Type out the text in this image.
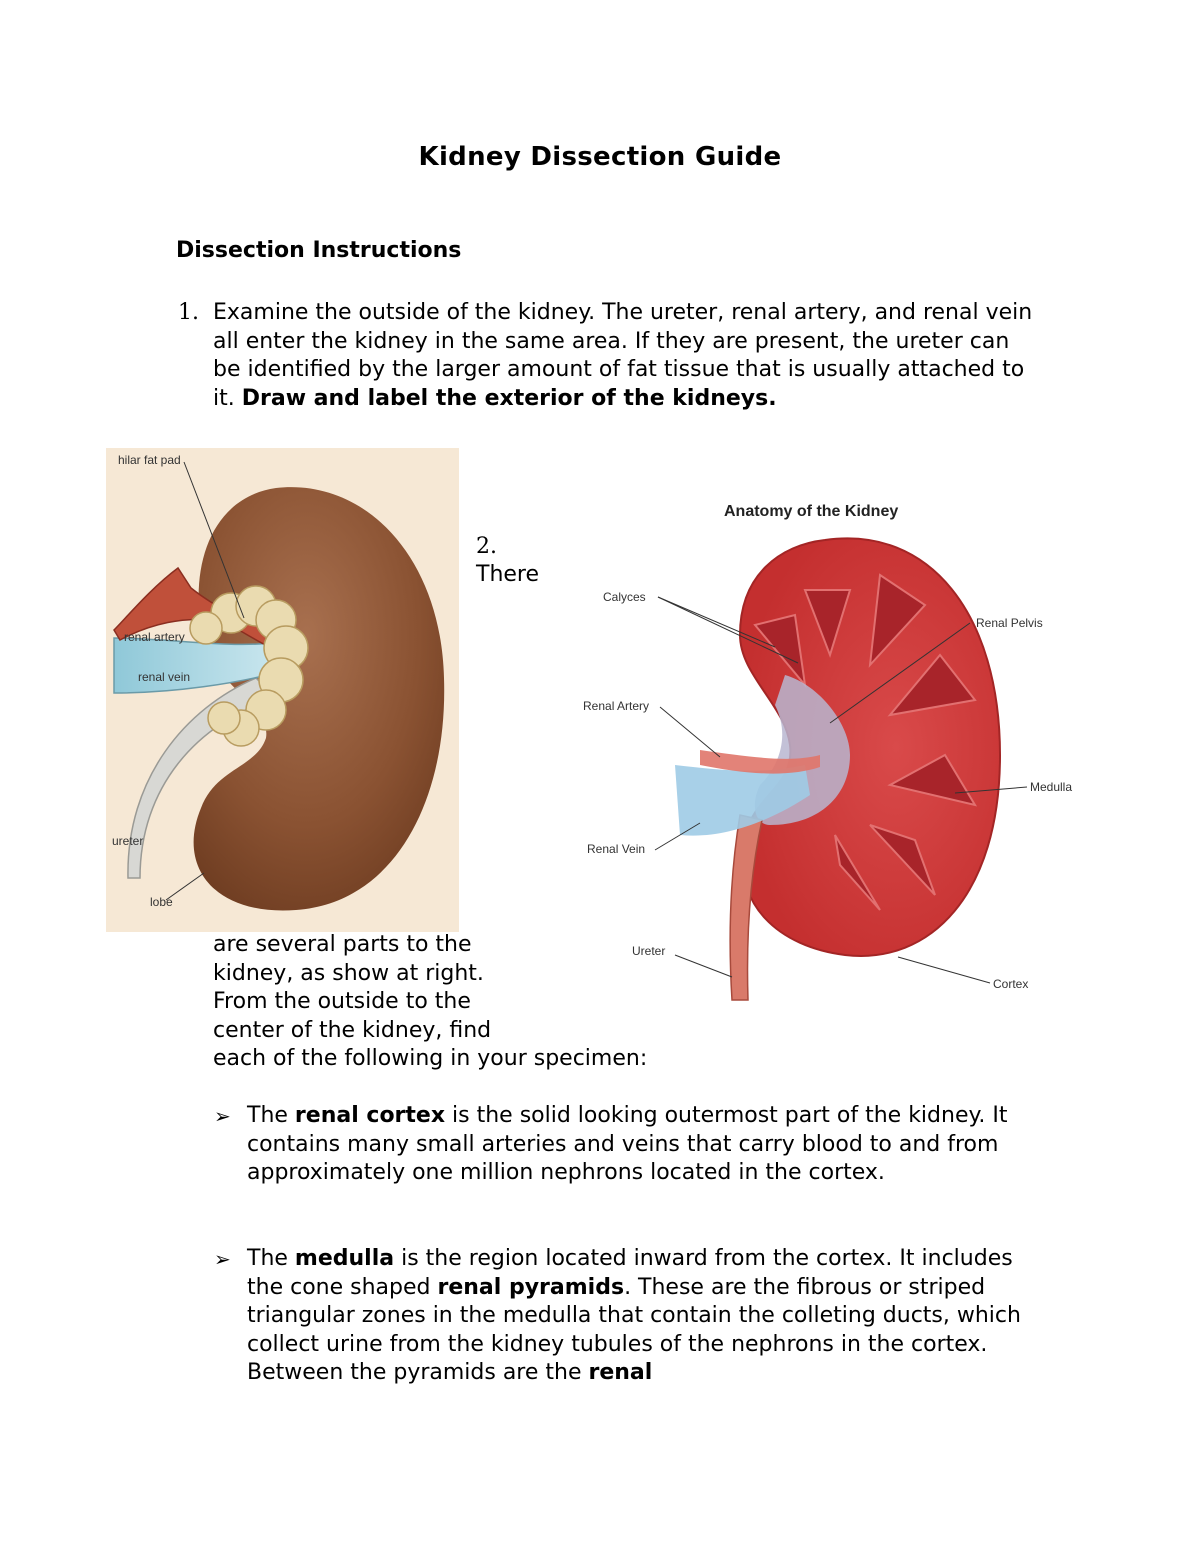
Kidney Dissection Guide
Dissection Instructions
1. Examine the outside of the kidney. The ureter, renal artery, and renal vein all enter the kidney in the same area. If they are present, the ureter can be identified by the larger amount of fat tissue that is usually attached to it. Draw and label the exterior of the kidneys.
hilar fat pad
renal artery
renal vein
ureter
lobe
2.
There
Anatomy of the Kidney
Calyces
Renal Pelvis
Renal Artery
Medulla
Renal Vein
Ureter
Cortex
are several parts to the
kidney, as show at right.
From the outside to the
center of the kidney, find
each of the following in your specimen:
➢ The renal cortex is the solid looking outermost part of the kidney. It contains many small arteries and veins that carry blood to and from approximately one million nephrons located in the cortex.
➢ The medulla is the region located inward from the cortex. It includes the cone shaped renal pyramids. These are the fibrous or striped triangular zones in the medulla that contain the colleting ducts, which collect urine from the kidney tubules of the nephrons in the cortex. Between the pyramids are the renal
